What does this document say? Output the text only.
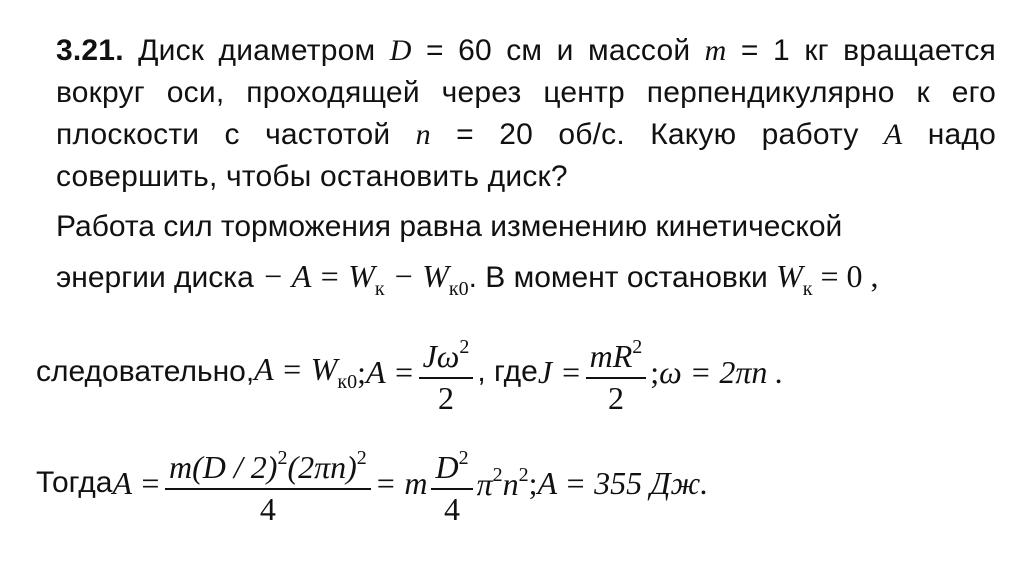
3.21. Диск диаметром D = 60 см и массой m = 1 кг вращается вокруг оси, проходящей через центр перпендикулярно к его плоскости с частотой n = 20 об/с. Какую работу A надо совершить, чтобы остановить диск?
Работа сил торможения равна изменению кинетической
энергии диска − $A = W_к - W_{к0}$. В момент остановки $W_к = 0$ ,
следовательно, $A = W_{к0}$ ; $A = \frac{J\omega^2}{2}$ , где $J = \frac{mR^2}{2}$ ; ω = 2πn .
Тогда $A = \frac{m(D / 2)^2(2\pi n)^2}{4} = m \frac{D^2}{4} \pi^2n^2$ ; A = 355 Дж.
